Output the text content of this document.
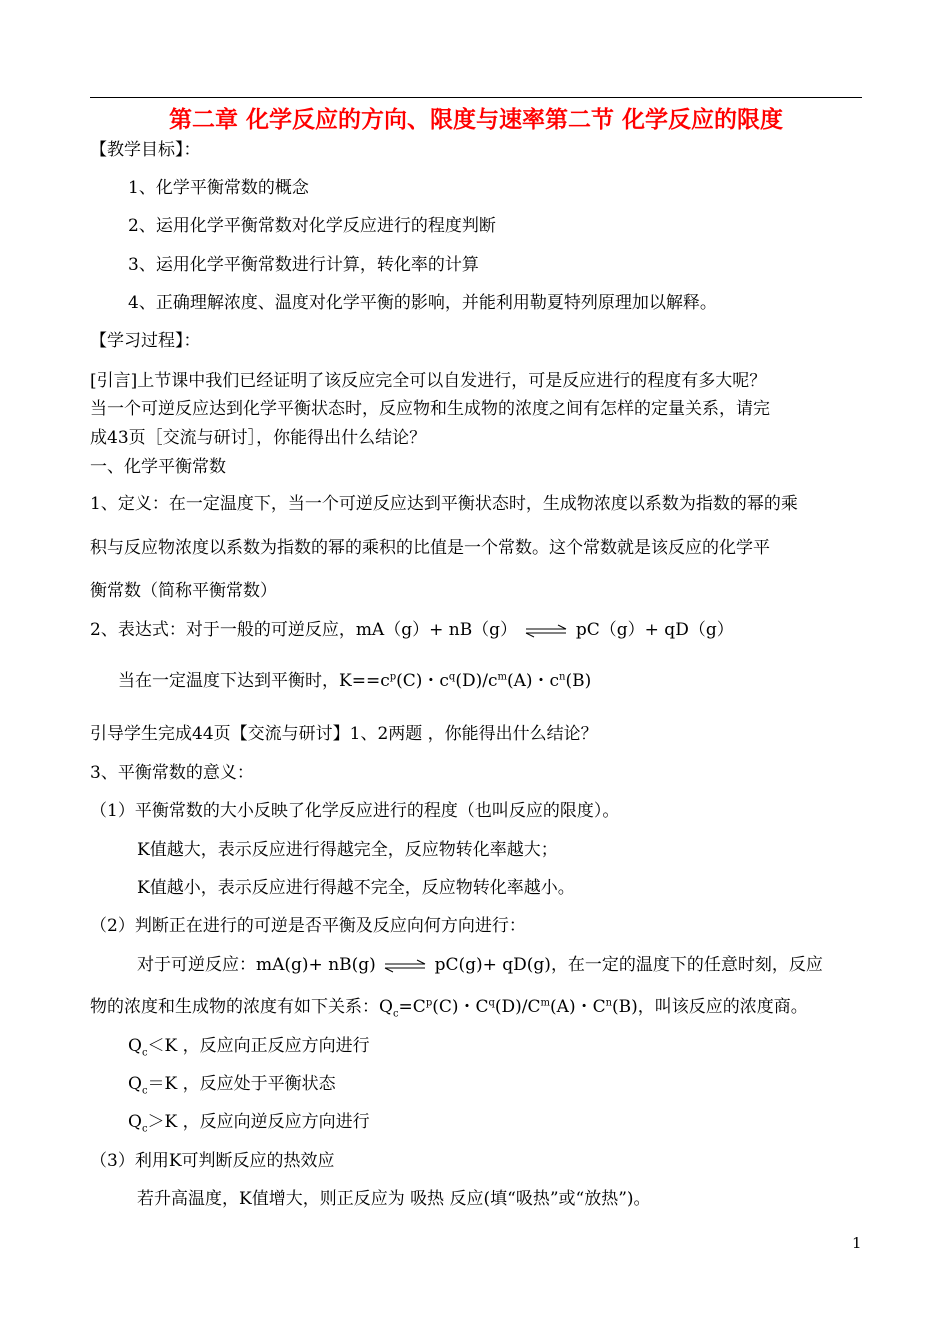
第二章 化学反应的方向、限度与速率第二节 化学反应的限度
【教学目标】：
1、化学平衡常数的概念
2、运用化学平衡常数对化学反应进行的程度判断
3、运用化学平衡常数进行计算，转化率的计算
4、正确理解浓度、温度对化学平衡的影响，并能利用勒夏特列原理加以解释。
【学习过程】：
[引言]上节课中我们已经证明了该反应完全可以自发进行，可是反应进行的程度有多大呢？
当一个可逆反应达到化学平衡状态时，反应物和生成物的浓度之间有怎样的定量关系，请完
成43页［交流与研讨］，你能得出什么结论？
一、化学平衡常数
1、定义：在一定温度下，当一个可逆反应达到平衡状态时，生成物浓度以系数为指数的幂的乘
积与反应物浓度以系数为指数的幂的乘积的比值是一个常数。这个常数就是该反应的化学平
衡常数（简称平衡常数）
2、表达式：对于一般的可逆反应，mA（g）+ nB（g） ⇌ pC（g）+ qD（g）
当在一定温度下达到平衡时，$K==c^p(C)$・$c^q(D)/c^m(A)$・$c^n(B)$
引导学生完成44页【交流与研讨】1、2两题 ，你能得出什么结论？
3、平衡常数的意义：
（1）平衡常数的大小反映了化学反应进行的程度（也叫反应的限度）。
K值越大，表示反应进行得越完全，反应物转化率越大；
K值越小，表示反应进行得越不完全，反应物转化率越小。
（2）判断正在进行的可逆是否平衡及反应向何方向进行：
对于可逆反应：mA(g)+ nB(g) ⇌ pC(g)+ qD(g)，在一定的温度下的任意时刻，反应
物的浓度和生成物的浓度有如下关系：$Q_c=C^p(C)$・$C^q(D)/C^m(A)$・$C^n(B)$，叫该反应的浓度商。
$Q_c<K$ ，反应向正反应方向进行
$Q_c=K$ ，反应处于平衡状态
$Q_c>K$ ，反应向逆反应方向进行
（3）利用K可判断反应的热效应
若升高温度，K值增大，则正反应为 吸热 反应(填“吸热”或“放热”)。
1
